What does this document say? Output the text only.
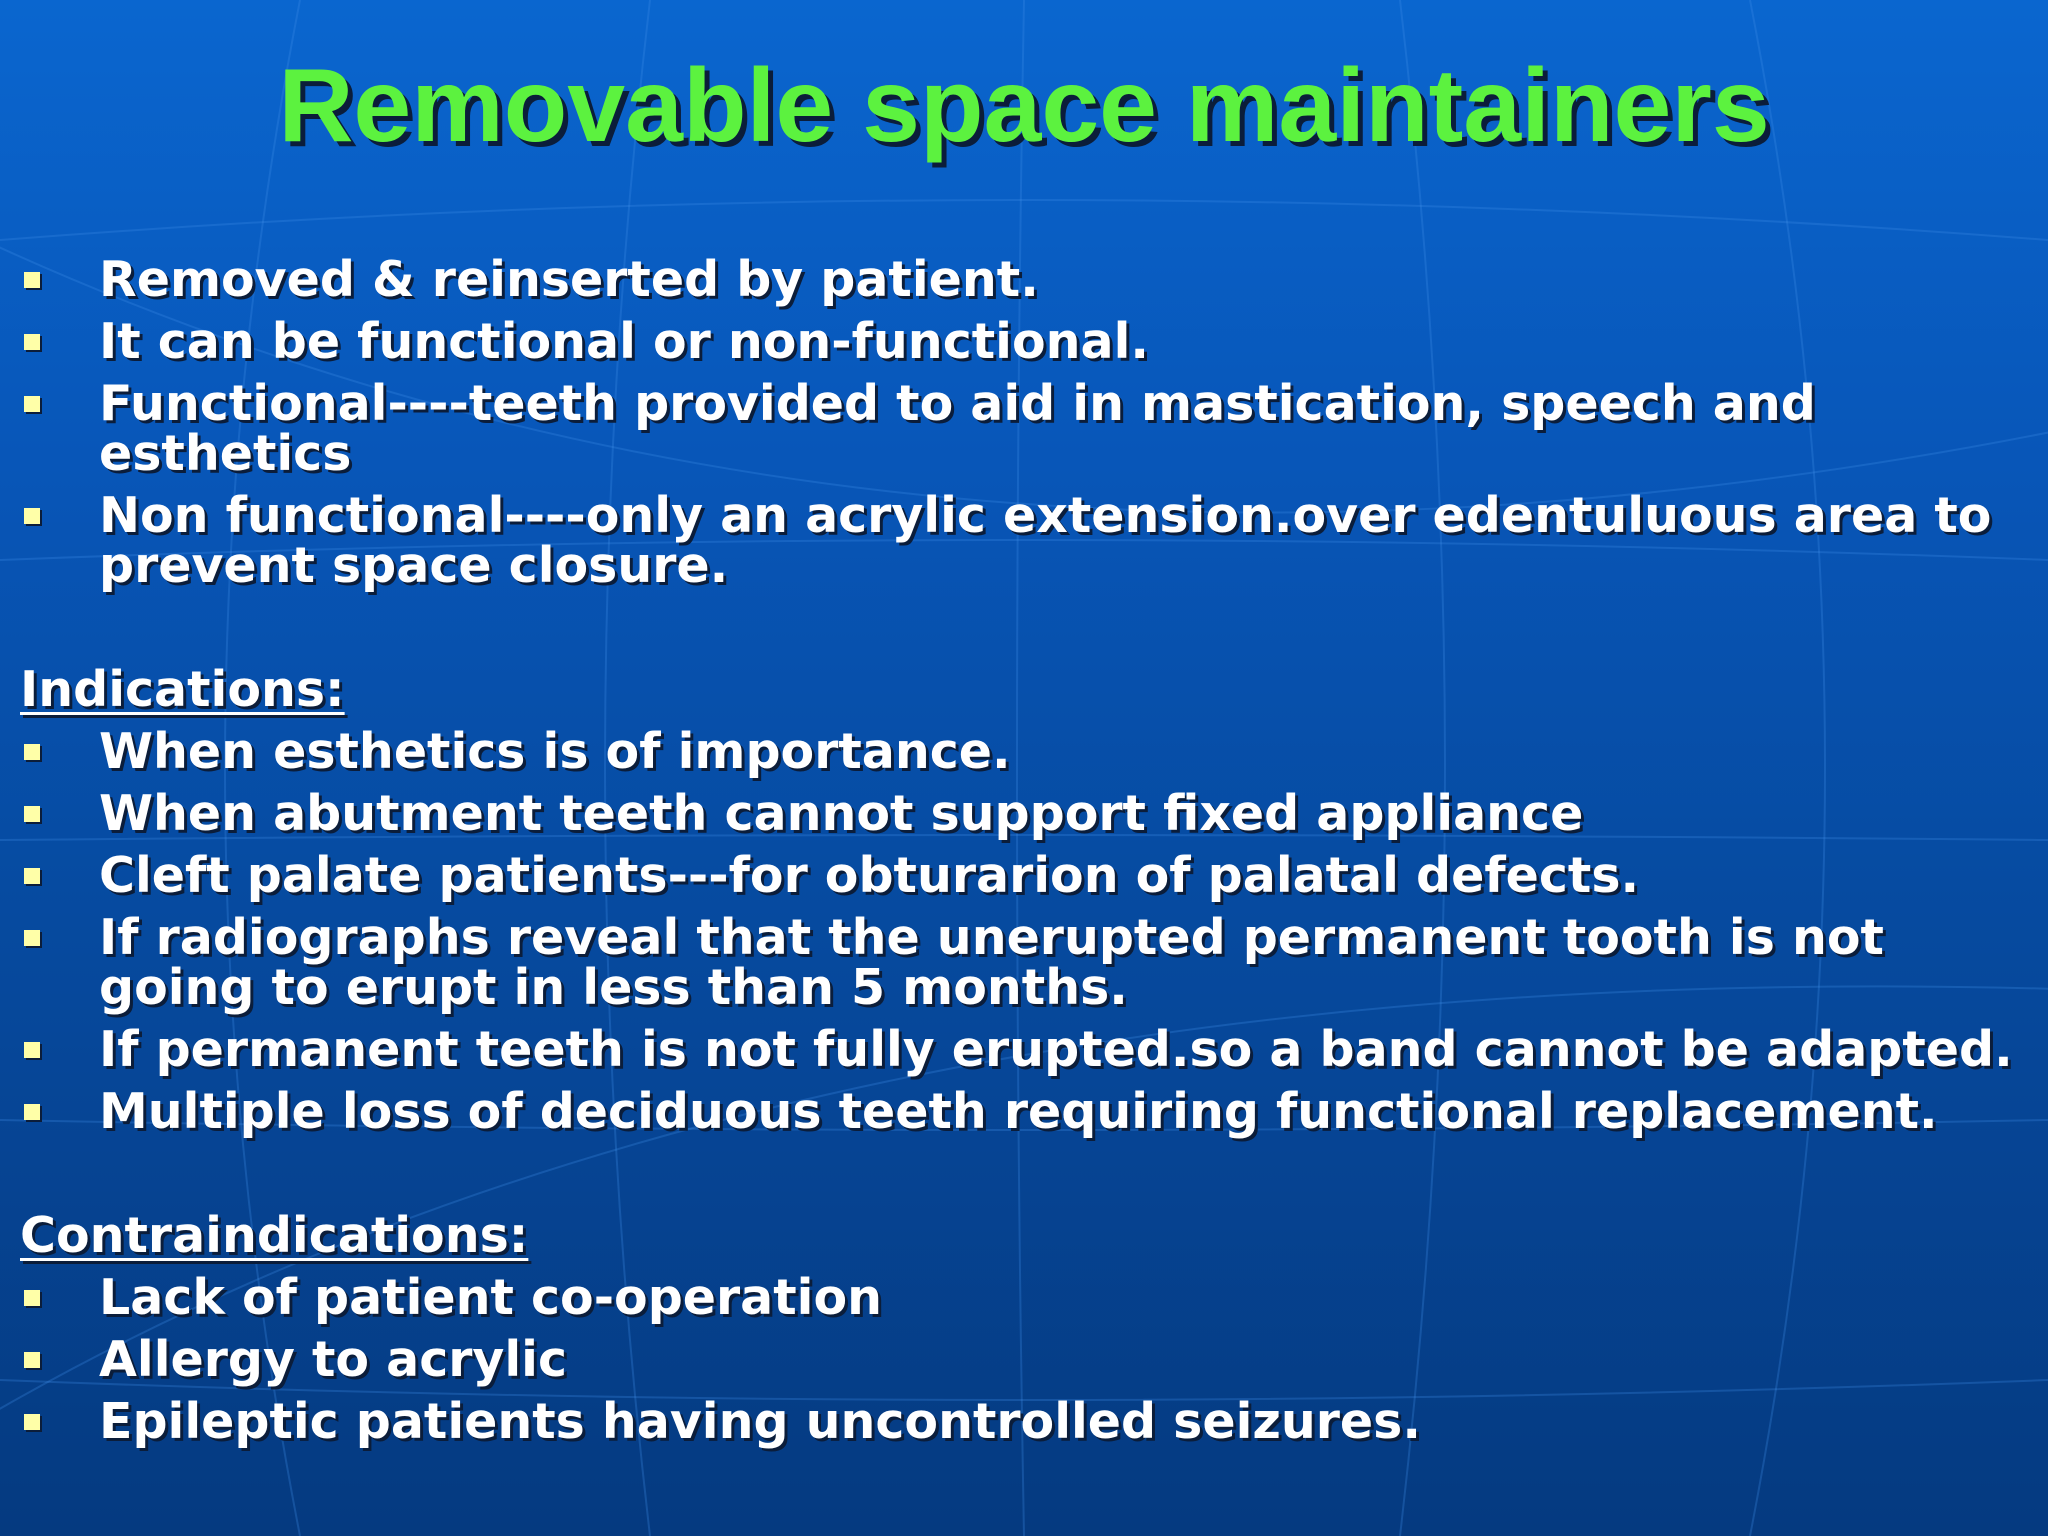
Removable space maintainers
Removed & reinserted by patient.
It can be functional or non-functional.
Functional----teeth provided to aid in mastication, speech and esthetics
Non functional----only an acrylic extension.over edentuluous area to prevent space closure.
Indications:
When esthetics is of importance.
When abutment teeth cannot support fixed appliance
Cleft palate patients---for obturarion of palatal defects.
If radiographs reveal that the unerupted permanent tooth is not going to erupt in less than 5 months.
If permanent teeth is not fully erupted.so a band cannot be adapted.
Multiple loss of deciduous teeth requiring functional replacement.
Contraindications:
Lack of patient co-operation
Allergy to acrylic
Epileptic patients having uncontrolled seizures.
